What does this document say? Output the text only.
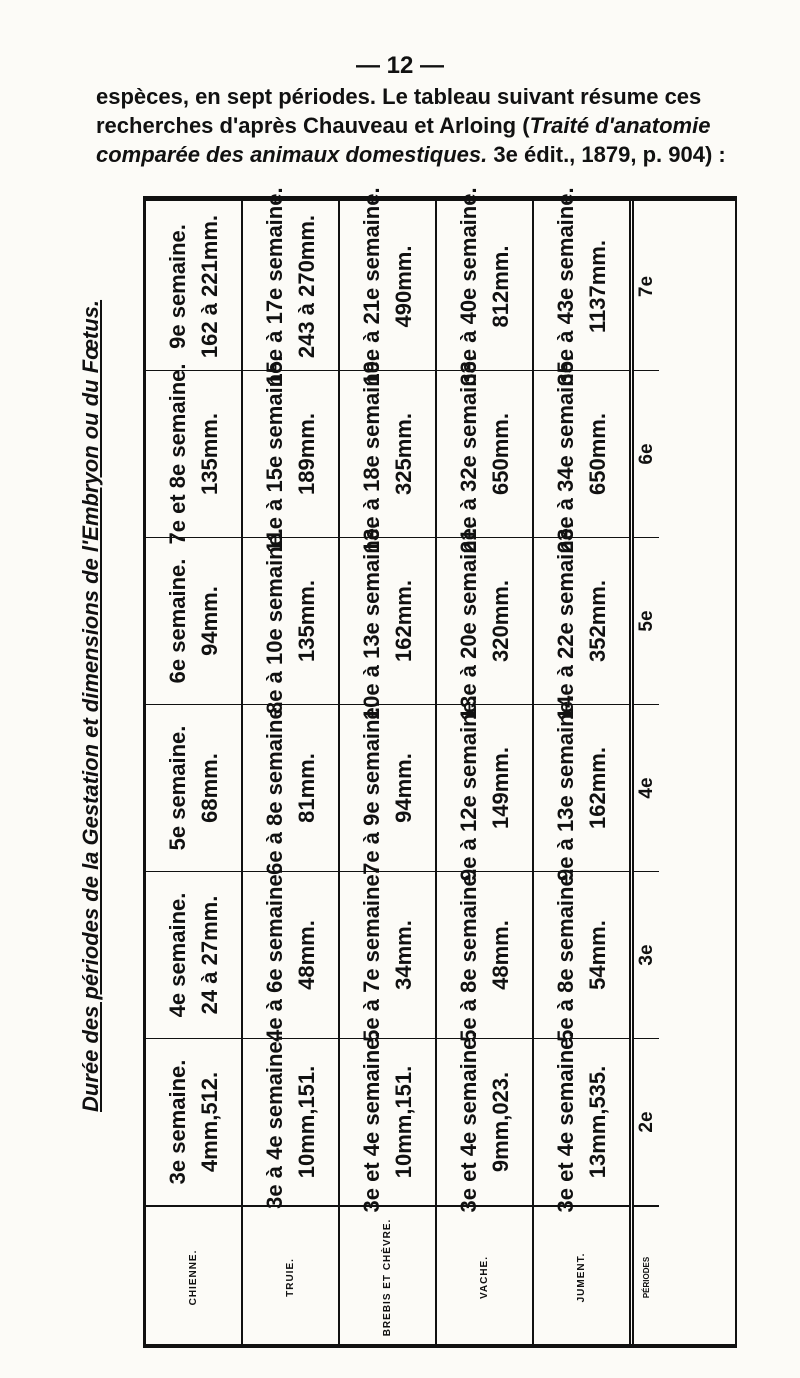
— 12 —
espèces, en sept périodes. Le tableau suivant résume ces recherches d'après Chauveau et Arloing (Traité d'anatomie comparée des animaux domestiques. 3e édit., 1879, p. 904) :
Durée des périodes de la Gestation et dimensions de l'Embryon ou du Fœtus.
CHIENNE.
3e semaine. 4mm,512.
4e semaine. 24 à 27mm.
5e semaine. 68mm.
6e semaine. 94mm.
7e et 8e semaine. 135mm.
9e semaine. 162 à 221mm.
TRUIE.
3e à 4e semaine. 10mm,151.
4e à 6e semaine. 48mm.
6e à 8e semaine. 81mm.
8e à 10e semaine. 135mm.
11e à 15e semaine. 189mm.
15e à 17e semaine. 243 à 270mm.
BREBIS ET CHÈVRE.
3e et 4e semaine. 10mm,151.
5e à 7e semaine. 34mm.
7e à 9e semaine. 94mm.
10e à 13e semaine. 162mm.
13e à 18e semaine. 325mm.
19e à 21e semaine. 490mm.
VACHE.
3e et 4e semaine. 9mm,023.
5e à 8e semaine. 48mm.
9e à 12e semaine. 149mm.
13e à 20e semaine. 320mm.
21e à 32e semaine. 650mm.
33e à 40e semaine. 812mm.
JUMENT.
3e et 4e semaine. 13mm,535.
5e à 8e semaine. 54mm.
9e à 13e semaine. 162mm.
14e à 22e semaine. 352mm.
23e à 34e semaine. 650mm.
35e à 43e semaine. 1137mm.
PÉRIODES
2e
3e
4e
5e
6e
7e
